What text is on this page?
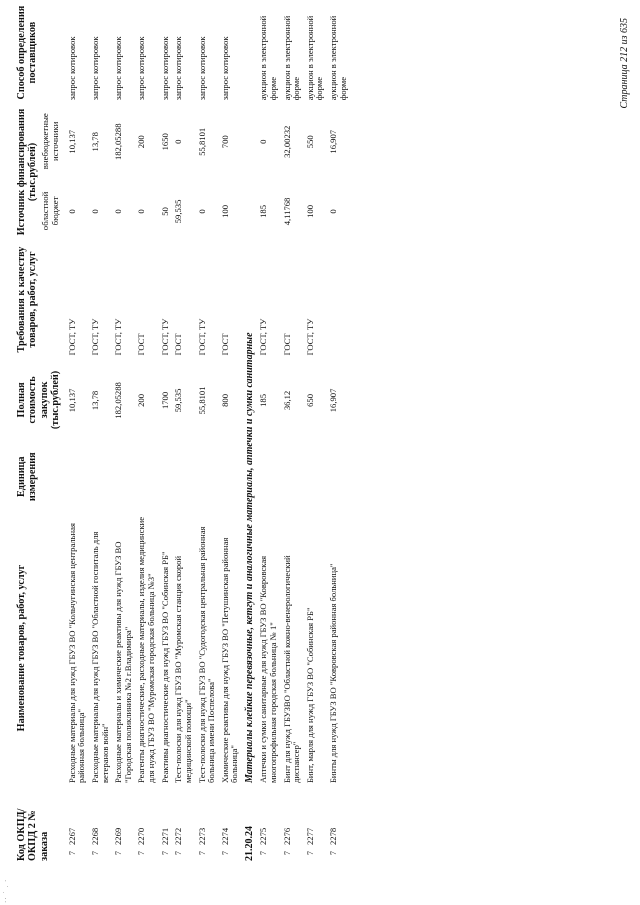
Код ОКПД/ ОКПД 2 № заказа	Наименование товаров, работ, услуг	Единица измерения	Полная стоимость закупок (тыс.рублей)	Требования к качеству товаров, работ, услуг	Источник финансирования (тыс.рублей)		Способ определения поставщиков
					областной бюджет	внебюджетные источники	
72267	Расходные материалы для нужд ГБУЗ ВО "Кольчугинская центральная районная больница"		10,137	ГОСТ, ТУ	0	10,137	запрос котировок
72268	Расходные материалы для нужд ГБУЗ ВО "Областной госпиталь для ветеранов войн"		13,78	ГОСТ, ТУ	0	13,78	запрос котировок
72269	Расходные материалы и химические реактивы для нужд ГБУЗ ВО "Городская поликлиника №2 г.Владимира"		182,05288	ГОСТ, ТУ	0	182,05288	запрос котировок
72270	Реагенты диагностические, расходные материалы, изделия медицинские для нужд ГБУЗ ВО "Муромская городская больница №3"		200	ГОСТ	0	200	запрос котировок
72271	Реактивы диагностические для нужд ГБУЗ ВО "Собинская РБ"		1700	ГОСТ, ТУ	50	1650	запрос котировок
72272	Тест-полоски для нужд ГБУЗ ВО "Муромская станция скорой медицинской помощи"		59,535	ГОСТ	59,535	0	запрос котировок
72273	Тест-полоски для нужд ГБУЗ ВО "Судогодская центральная районная больница имени Поспелова"		55,8101	ГОСТ, ТУ	0	55,8101	запрос котировок
72274	Химические реактивы для нужд ГБУЗ ВО "Петушинская районная больница"		800	ГОСТ	100	700	запрос котировок
21.20.24	Материалы клейкие перевязочные, кетгут и аналогичные материалы, аптечки и сумки санитарные						
72275	Аптечки и сумки санитарные для нужд ГБУЗ ВО "Ковровская многопрофильная городская больница № 1"		185	ГОСТ, ТУ	185	0	аукцион в электронной форме
72276	Бинт для нужд ГБУЗВО "Областной кожно-венерологический диспансер"		36,12	ГОСТ	4,11768	32,00232	аукцион в электронной форме
72277	Бинт, марля для нужд ГБУЗ ВО "Собинская РБ"		650	ГОСТ, ТУ	100	550	аукцион в электронной форме
72278	Бинты для нужд ГБУЗ ВО "Ковровская районная больница"		16,907		0	16,907	аукцион в электронной форме	Страница 212 из 635
·· ˙ . ·
